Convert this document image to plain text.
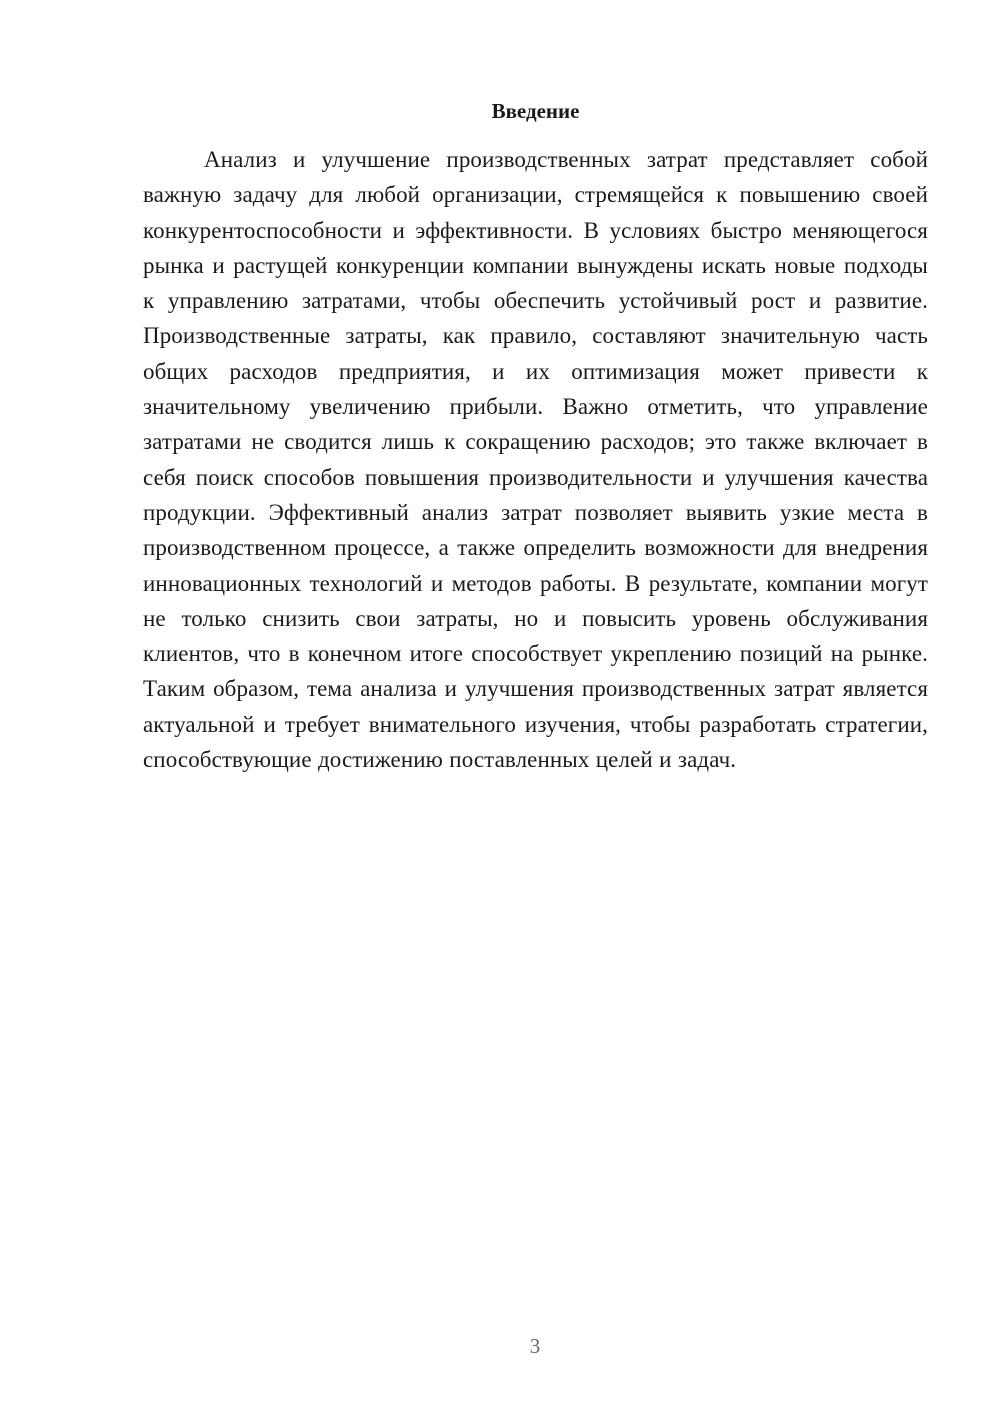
Введение

Анализ и улучшение производственных затрат представляет собой важную задачу для любой организации, стремящейся к повышению своей конкурентоспособности и эффективности. В условиях быстро меняющегося рынка и растущей конкуренции компании вынуждены искать новые подходы к управлению затратами, чтобы обеспечить устойчивый рост и развитие. Производственные затраты, как правило, составляют значительную часть общих расходов предприятия, и их оптимизация может привести к значительному увеличению прибыли. Важно отметить, что управление затратами не сводится лишь к сокращению расходов; это также включает в себя поиск способов повышения производительности и улучшения качества продукции. Эффективный анализ затрат позволяет выявить узкие места в производственном процессе, а также определить возможности для внедрения инновационных технологий и методов работы. В результате, компании могут не только снизить свои затраты, но и повысить уровень обслуживания клиентов, что в конечном итоге способствует укреплению позиций на рынке. Таким образом, тема анализа и улучшения производственных затрат является актуальной и требует внимательного изучения, чтобы разработать стратегии, способствующие достижению поставленных целей и задач.

3
